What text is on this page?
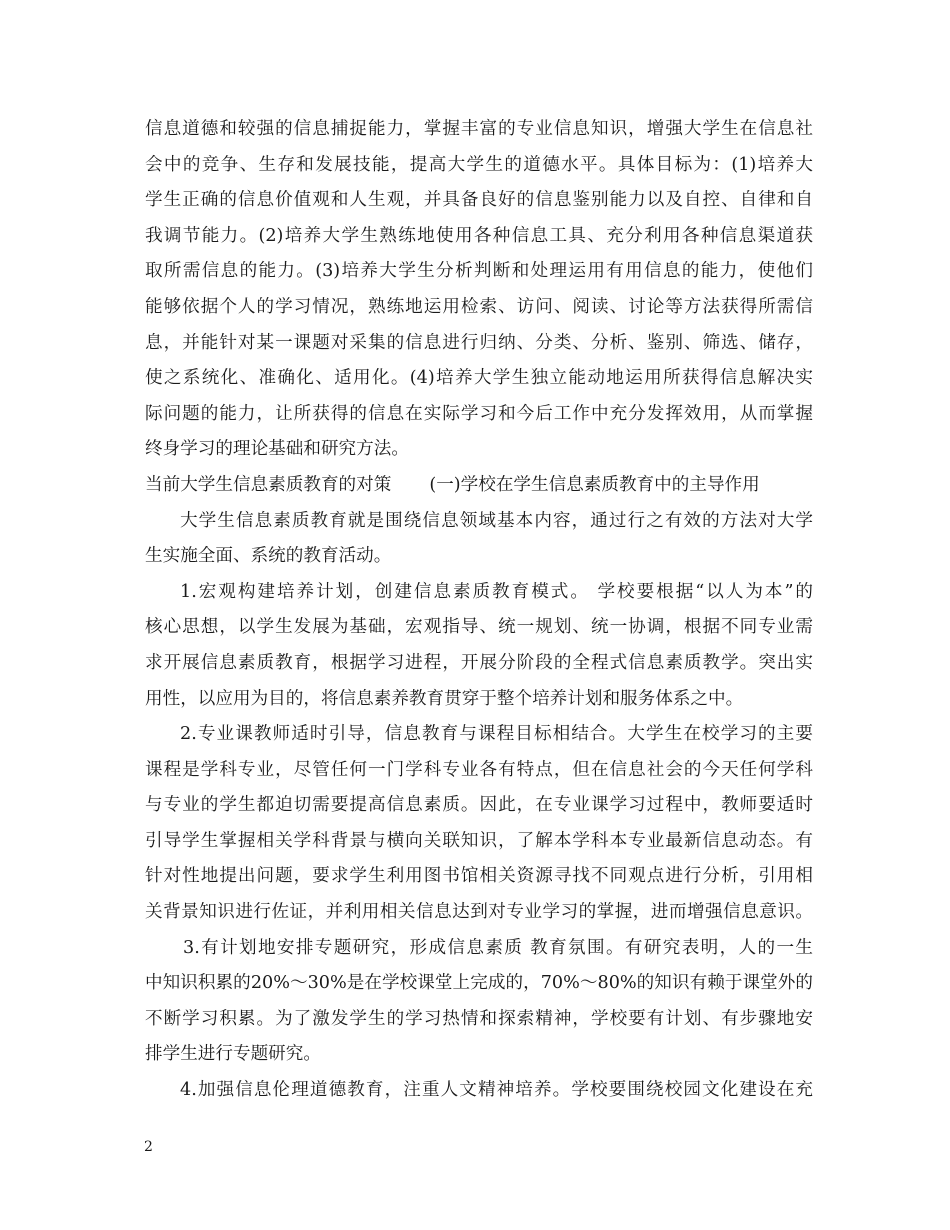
信息道德和较强的信息捕捉能力，掌握丰富的专业信息知识，增强大学生在信息社
会中的竞争、生存和发展技能，提高大学生的道德水平。具体目标为：(1)培养大
学生正确的信息价值观和人生观，并具备良好的信息鉴别能力以及自控、自律和自
我调节能力。(2)培养大学生熟练地使用各种信息工具、充分利用各种信息渠道获
取所需信息的能力。(3)培养大学生分析判断和处理运用有用信息的能力，使他们
能够依据个人的学习情况，熟练地运用检索、访问、阅读、讨论等方法获得所需信
息，并能针对某一课题对采集的信息进行归纳、分类、分析、鉴别、筛选、储存，
使之系统化、准确化、适用化。(4)培养大学生独立能动地运用所获得信息解决实
际问题的能力，让所获得的信息在实际学习和今后工作中充分发挥效用，从而掌握
终身学习的理论基础和研究方法。
当前大学生信息素质教育的对策 (一)学校在学生信息素质教育中的主导作用
大学生信息素质教育就是围绕信息领域基本内容，通过行之有效的方法对大学
生实施全面、系统的教育活动。
1.宏观构建培养计划，创建信息素质教育模式。 学校要根据“以人为本”的
核心思想，以学生发展为基础，宏观指导、统一规划、统一协调，根据不同专业需
求开展信息素质教育，根据学习进程，开展分阶段的全程式信息素质教学。突出实
用性，以应用为目的，将信息素养教育贯穿于整个培养计划和服务体系之中。
2.专业课教师适时引导，信息教育与课程目标相结合。大学生在校学习的主要
课程是学科专业，尽管任何一门学科专业各有特点，但在信息社会的今天任何学科
与专业的学生都迫切需要提高信息素质。因此，在专业课学习过程中，教师要适时
引导学生掌握相关学科背景与横向关联知识，了解本学科本专业最新信息动态。有
针对性地提出问题，要求学生利用图书馆相关资源寻找不同观点进行分析，引用相
关背景知识进行佐证，并利用相关信息达到对专业学习的掌握，进而增强信息意识。
3.有计划地安排专题研究，形成信息素质 教育氛围。有研究表明，人的一生
中知识积累的20%～30%是在学校课堂上完成的，70%～80%的知识有赖于课堂外的
不断学习积累。为了激发学生的学习热情和探索精神，学校要有计划、有步骤地安
排学生进行专题研究。
4.加强信息伦理道德教育，注重人文精神培养。学校要围绕校园文化建设在充
2
